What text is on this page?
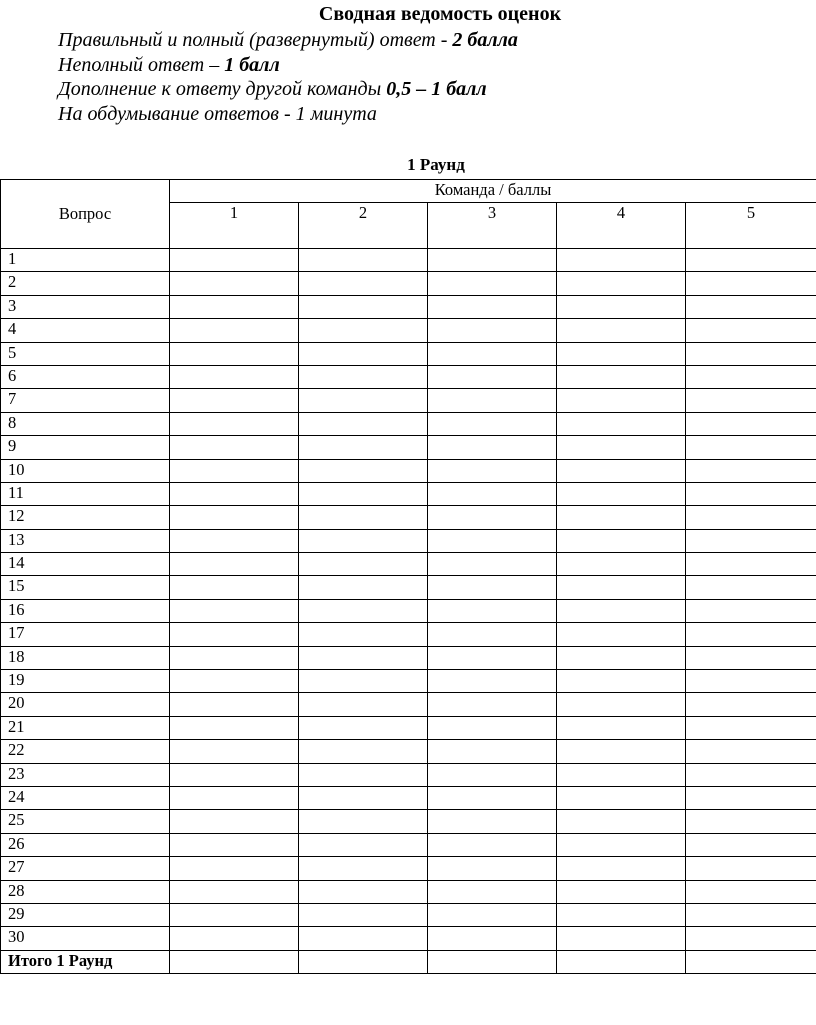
Сводная ведомость оценок
Правильный и полный (развернутый) ответ - 2 балла
Неполный ответ – 1 балл
Дополнение к ответу другой команды 0,5 – 1 балл
На обдумывание ответов - 1 минута
1 Раунд
Вопрос	Команда / баллы				
	1	2	3	4	5
1					
2					
3					
4					
5					
6					
7					
8					
9					
10					
11					
12					
13					
14					
15					
16					
17					
18					
19					
20					
21					
22					
23					
24					
25					
26					
27					
28					
29					
30					
Итого 1 Раунд					
